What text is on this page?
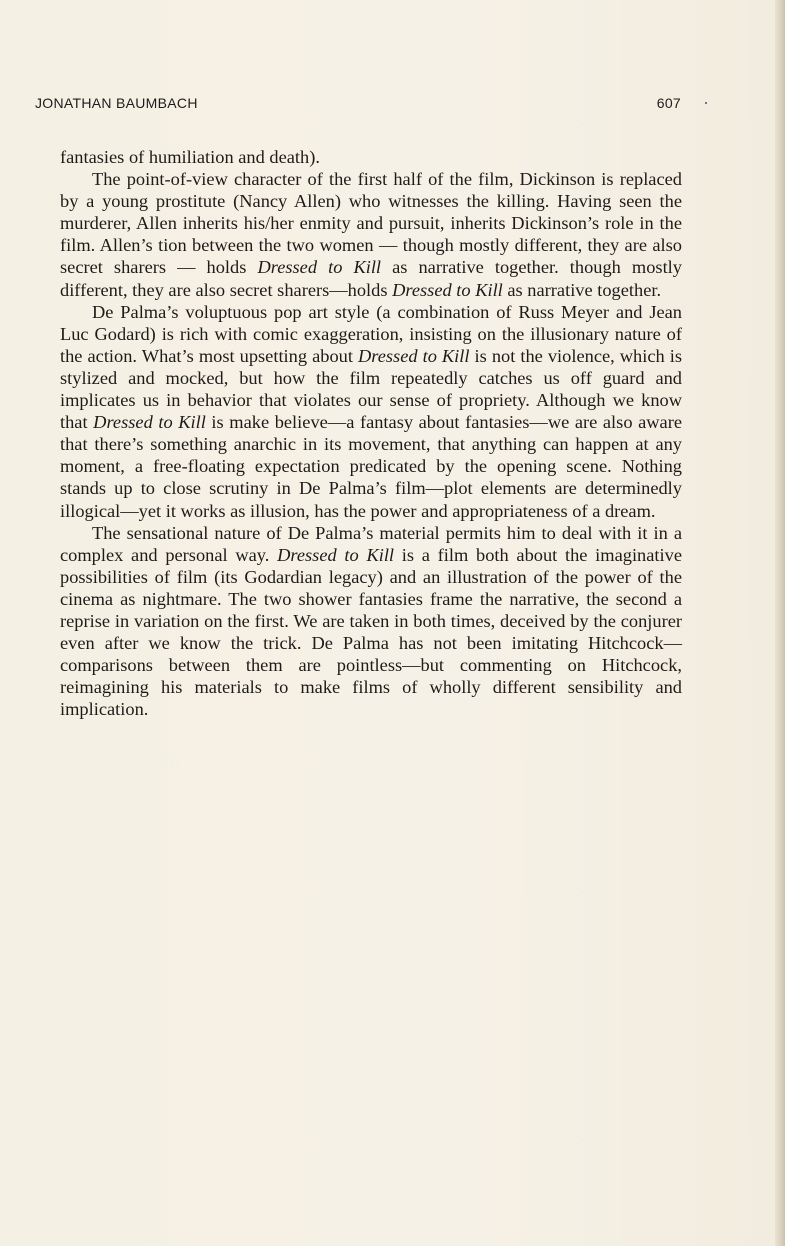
JONATHAN BAUMBACH	607

fantasies of humiliation and death).

The point-of-view character of the first half of the film, Dickinson is replaced by a young prostitute (Nancy Allen) who witnesses the killing. Having seen the murderer, Allen inherits his/her enmity and pursuit, inherits Dickinson’s role in the film. Allen’s tion between the two women — though mostly different, they are also secret sharers — holds Dressed to Kill as narrative together. though mostly different, they are also secret sharers—holds Dressed to Kill as narrative together.

De Palma’s voluptuous pop art style (a combination of Russ Meyer and Jean Luc Godard) is rich with comic exaggeration, insisting on the illusionary nature of the action. What’s most upsetting about Dressed to Kill is not the violence, which is stylized and mocked, but how the film repeatedly catches us off guard and implicates us in behavior that violates our sense of propriety. Although we know that Dressed to Kill is make believe—a fantasy about fantasies—we are also aware that there’s something anarchic in its movement, that anything can happen at any moment, a free-floating expectation predicated by the opening scene. Nothing stands up to close scrutiny in De Palma’s film—plot elements are determinedly illogical—yet it works as illusion, has the power and appropriateness of a dream.

The sensational nature of De Palma’s material permits him to deal with it in a complex and personal way. Dressed to Kill is a film both about the imaginative possibilities of film (its Godardian legacy) and an illustration of the power of the cinema as nightmare. The two shower fantasies frame the narrative, the second a reprise in variation on the first. We are taken in both times, deceived by the conjurer even after we know the trick. De Palma has not been imitating Hitchcock—comparisons between them are pointless—but commenting on Hitchcock, reimagining his materials to make films of wholly different sensibility and implication.
